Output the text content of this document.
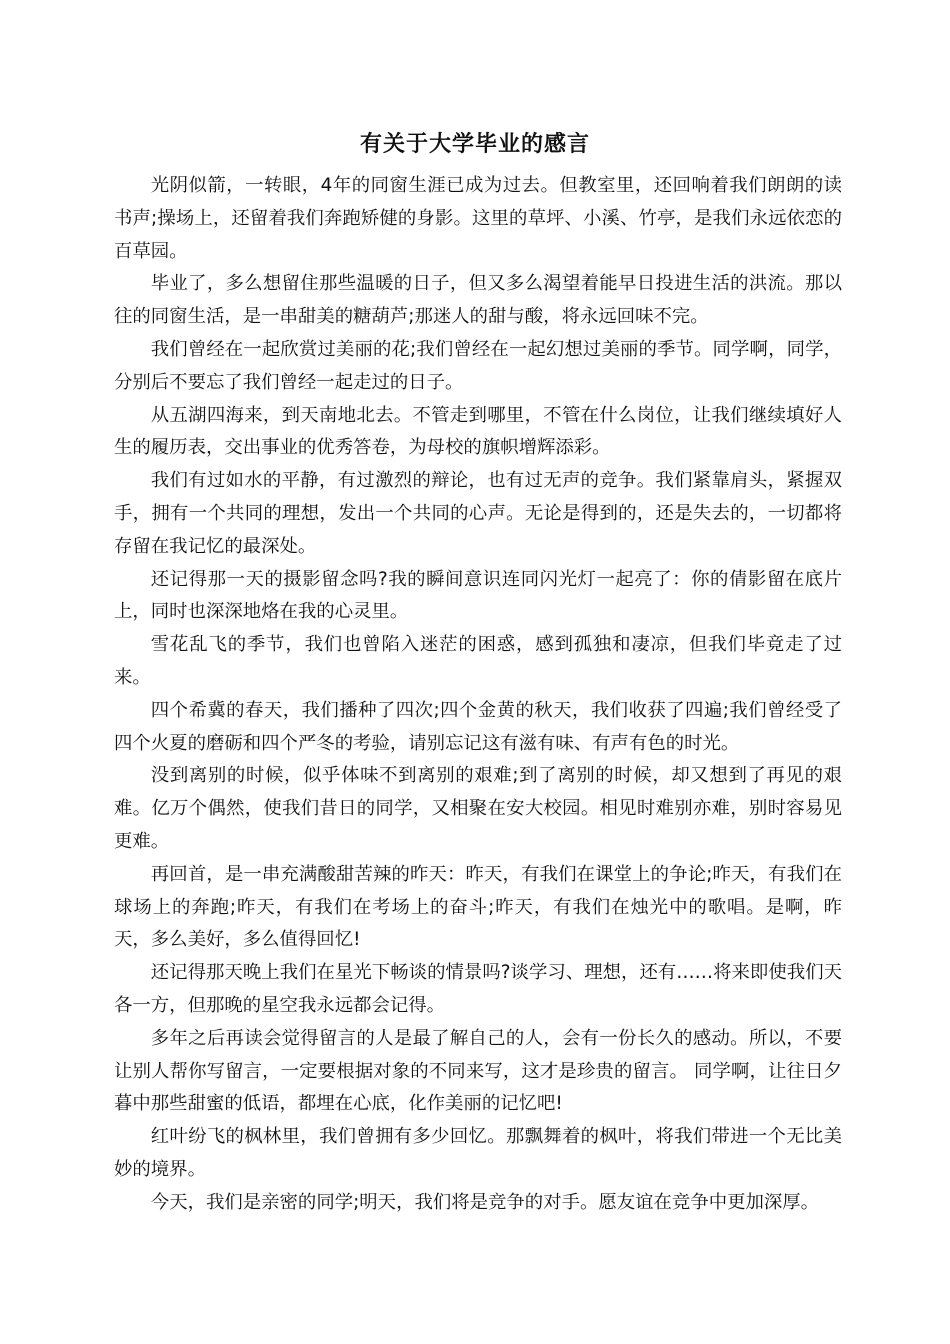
有关于大学毕业的感言

光阴似箭，一转眼，4年的同窗生涯已成为过去。但教室里，还回响着我们朗朗的读书声;操场上，还留着我们奔跑矫健的身影。这里的草坪、小溪、竹亭，是我们永远依恋的百草园。

毕业了，多么想留住那些温暖的日子，但又多么渴望着能早日投进生活的洪流。那以往的同窗生活，是一串甜美的糖葫芦;那迷人的甜与酸，将永远回味不完。

我们曾经在一起欣赏过美丽的花;我们曾经在一起幻想过美丽的季节。同学啊，同学，分别后不要忘了我们曾经一起走过的日子。

从五湖四海来，到天南地北去。不管走到哪里，不管在什么岗位，让我们继续填好人生的履历表，交出事业的优秀答卷，为母校的旗帜增辉添彩。

我们有过如水的平静，有过激烈的辩论，也有过无声的竞争。我们紧靠肩头，紧握双手，拥有一个共同的理想，发出一个共同的心声。无论是得到的，还是失去的，一切都将存留在我记忆的最深处。

还记得那一天的摄影留念吗?我的瞬间意识连同闪光灯一起亮了：你的倩影留在底片上，同时也深深地烙在我的心灵里。

雪花乱飞的季节，我们也曾陷入迷茫的困惑，感到孤独和凄凉，但我们毕竟走了过来。

四个希冀的春天，我们播种了四次;四个金黄的秋天，我们收获了四遍;我们曾经受了四个火夏的磨砺和四个严冬的考验，请别忘记这有滋有味、有声有色的时光。

没到离别的时候，似乎体味不到离别的艰难;到了离别的时候，却又想到了再见的艰难。亿万个偶然，使我们昔日的同学，又相聚在安大校园。相见时难别亦难，别时容易见更难。

再回首，是一串充满酸甜苦辣的昨天：昨天，有我们在课堂上的争论;昨天，有我们在球场上的奔跑;昨天，有我们在考场上的奋斗;昨天，有我们在烛光中的歌唱。是啊，昨天，多么美好，多么值得回忆!

还记得那天晚上我们在星光下畅谈的情景吗?谈学习、理想，还有……将来即使我们天各一方，但那晚的星空我永远都会记得。

多年之后再读会觉得留言的人是最了解自己的人，会有一份长久的感动。所以，不要让别人帮你写留言，一定要根据对象的不同来写，这才是珍贵的留言。 同学啊，让往日夕暮中那些甜蜜的低语，都埋在心底，化作美丽的记忆吧!

红叶纷飞的枫林里，我们曾拥有多少回忆。那飘舞着的枫叶，将我们带进一个无比美妙的境界。

今天，我们是亲密的同学;明天，我们将是竞争的对手。愿友谊在竞争中更加深厚。
